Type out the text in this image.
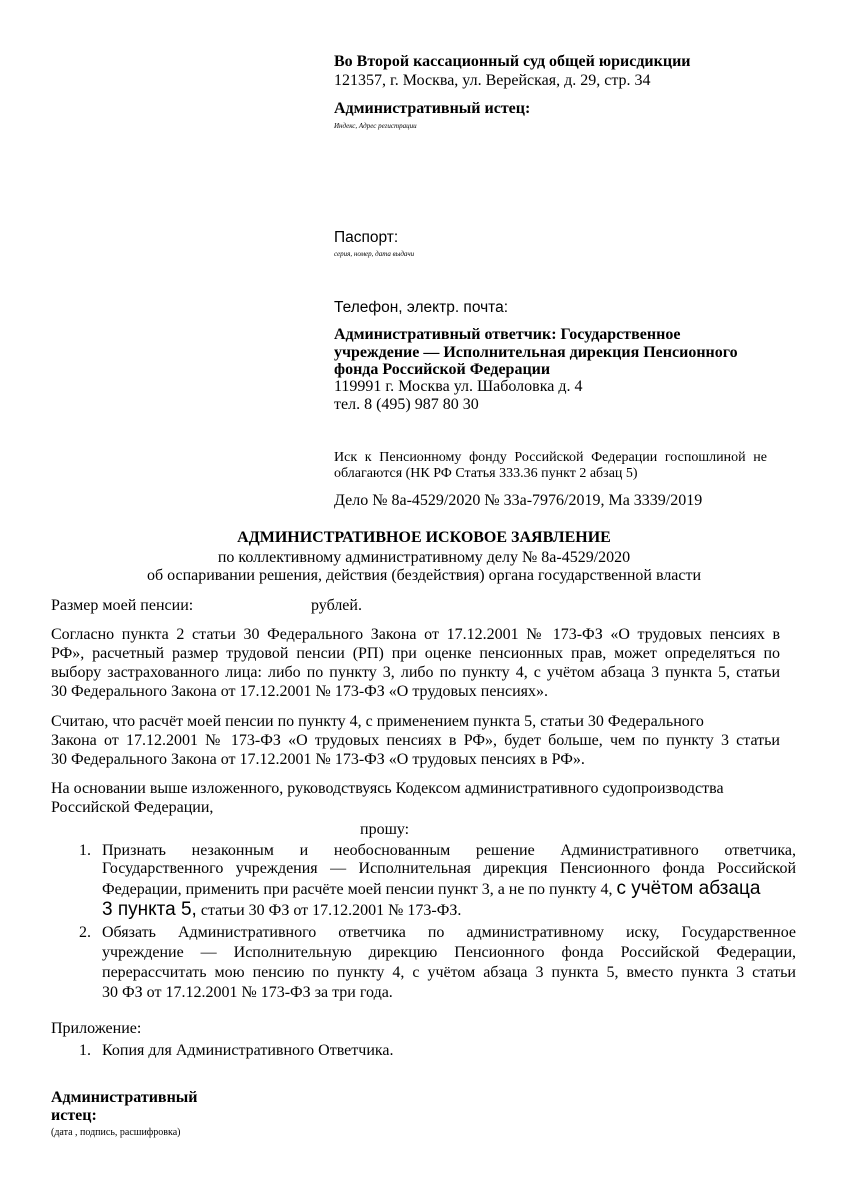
Во Второй кассационный суд общей юрисдикции
121357, г. Москва, ул. Верейская, д. 29, стр. 34
Административный истец:
Индекс, Адрес регистрации
Паспорт:
серия, номер, дата выдачи
Телефон, электр. почта:
Административный ответчик: Государственное
учреждение — Исполнительная дирекция Пенсионного
фонда Российской Федерации
119991 г. Москва ул. Шаболовка д. 4
тел. 8 (495) 987 80 30
Иск к Пенсионному фонду Российской Федерации госпошлиной не
облагаются (НК РФ Статья 333.36 пункт 2 абзац 5)
Дело № 8а-4529/2020 № 33а-7976/2019, Ма 3339/2019
АДМИНИСТРАТИВНОЕ ИСКОВОЕ ЗАЯВЛЕНИЕ
по коллективному административному делу № 8а-4529/2020
об оспаривании решения, действия (бездействия) органа государственной власти
Размер моей пенсии:	рублей.
Согласно пункта 2 статьи 30 Федерального Закона от 17.12.2001 № 173-ФЗ «О трудовых пенсиях в
РФ», расчетный размер трудовой пенсии (РП) при оценке пенсионных прав, может определяться по
выбору застрахованного лица: либо по пункту 3, либо по пункту 4, с учётом абзаца 3 пункта 5, статьи
30 Федерального Закона от 17.12.2001 № 173-ФЗ «О трудовых пенсиях».
Считаю, что расчёт моей пенсии по пункту 4, с применением пункта 5, статьи 30 Федерального
Закона от 17.12.2001 № 173-ФЗ «О трудовых пенсиях в РФ», будет больше, чем по пункту 3 статьи
30 Федерального Закона от 17.12.2001 № 173-ФЗ «О трудовых пенсиях в РФ».
На основании выше изложенного, руководствуясь Кодексом административного судопроизводства
Российской Федерации,
прошу:
1. Признать незаконным и необоснованным решение Административного ответчика,
Государственного учреждения — Исполнительная дирекция Пенсионного фонда Российской
Федерации, применить при расчёте моей пенсии пункт 3, а не по пункту 4, с учётом абзаца
3 пункта 5, статьи 30 ФЗ от 17.12.2001 № 173-ФЗ.
2. Обязать Административного ответчика по административному иску, Государственное
учреждение — Исполнительную дирекцию Пенсионного фонда Российской Федерации,
перерассчитать мою пенсию по пункту 4, с учётом абзаца 3 пункта 5, вместо пункта 3 статьи
30 ФЗ от 17.12.2001 № 173-ФЗ за три года.
Приложение:
1. Копия для Административного Ответчика.
Административный
истец:
(дата , подпись, расшифровка)
